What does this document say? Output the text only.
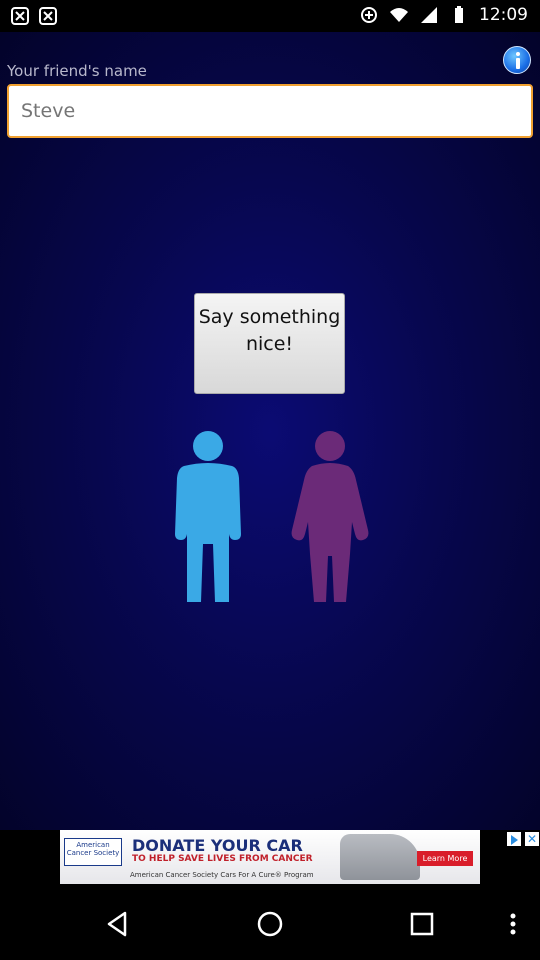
12:09
Your friend's name
Steve
Say something nice!
American Cancer Society DONATE YOUR CAR
TO HELP SAVE LIVES FROM CANCER
American Cancer Society Cars For A Cure® Program
Learn More
✕
